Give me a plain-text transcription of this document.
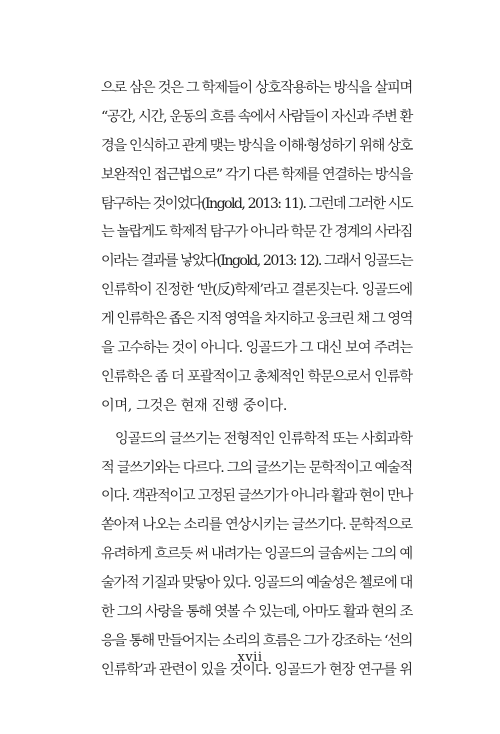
으로 삼은 것은 그 학제들이 상호작용하는 방식을 살피며
“공간, 시간, 운동의 흐름 속에서 사람들이 자신과 주변 환
경을 인식하고 관계 맺는 방식을 이해·형성하기 위해 상호
보완적인 접근법으로” 각기 다른 학제를 연결하는 방식을
탐구하는 것이었다(Ingold, 2013: 11). 그런데 그러한 시도
는 놀랍게도 학제적 탐구가 아니라 학문 간 경계의 사라짐
이라는 결과를 낳았다(Ingold, 2013: 12). 그래서 잉골드는
인류학이 진정한 ‘반(反)학제’라고 결론짓는다. 잉골드에
게 인류학은 좁은 지적 영역을 차지하고 웅크린 채 그 영역
을 고수하는 것이 아니다. 잉골드가 그 대신 보여 주려는
인류학은 좀 더 포괄적이고 총체적인 학문으로서 인류학
이며, 그것은 현재 진행 중이다.
잉골드의 글쓰기는 전형적인 인류학적 또는 사회과학
적 글쓰기와는 다르다. 그의 글쓰기는 문학적이고 예술적
이다. 객관적이고 고정된 글쓰기가 아니라 활과 현이 만나
쏟아져 나오는 소리를 연상시키는 글쓰기다. 문학적으로
유려하게 흐르듯 써 내려가는 잉골드의 글솜씨는 그의 예
술가적 기질과 맞닿아 있다. 잉골드의 예술성은 첼로에 대
한 그의 사랑을 통해 엿볼 수 있는데, 아마도 활과 현의 조
응을 통해 만들어지는 소리의 흐름은 그가 강조하는 ‘선의
인류학’과 관련이 있을 것이다. 잉골드가 현장 연구를 위
xvii
